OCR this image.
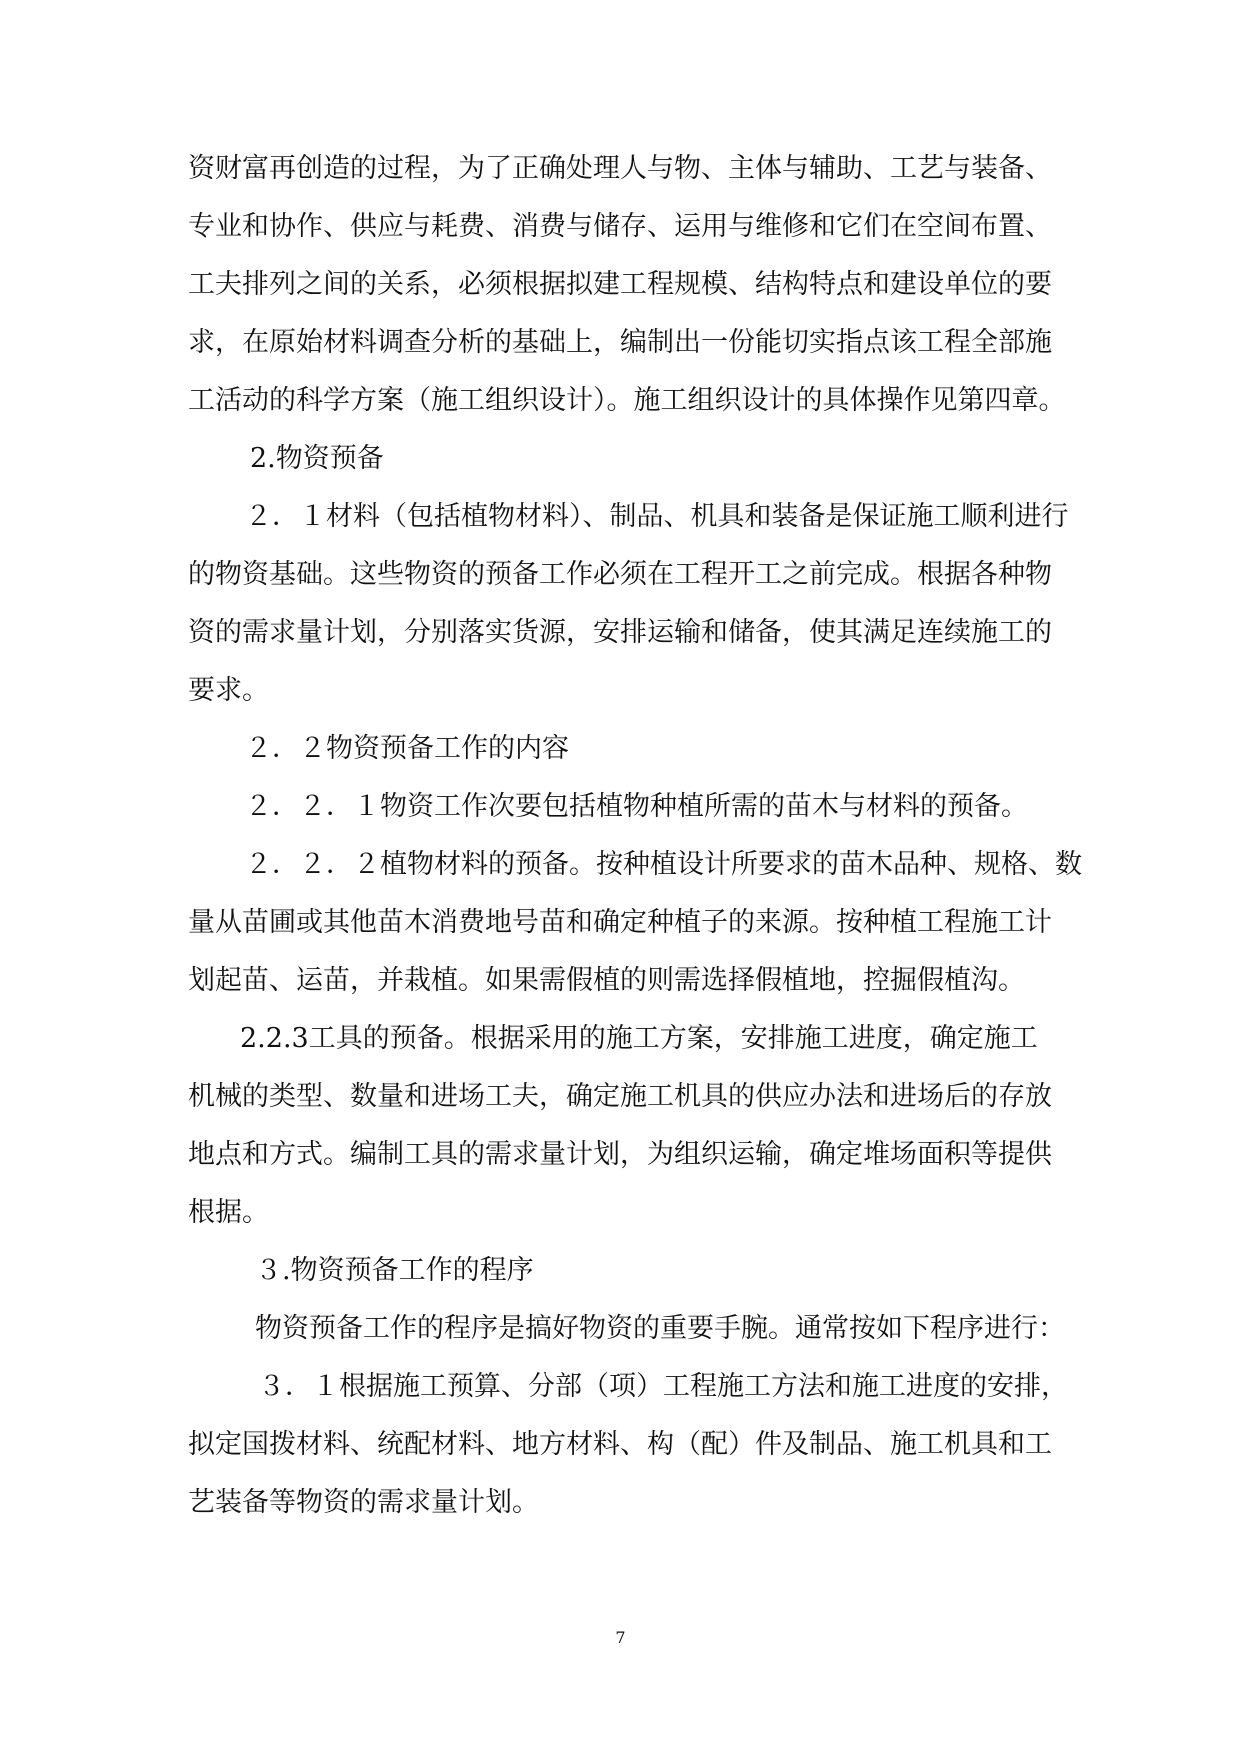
资财富再创造的过程，为了正确处理人与物、主体与辅助、工艺与装备、
专业和协作、供应与耗费、消费与储存、运用与维修和它们在空间布置、
工夫排列之间的关系，必须根据拟建工程规模、结构特点和建设单位的要
求，在原始材料调查分析的基础上，编制出一份能切实指点该工程全部施
工活动的科学方案（施工组织设计）。施工组织设计的具体操作见第四章。
2.物资预备
２．１材料（包括植物材料）、制品、机具和装备是保证施工顺利进行
的物资基础。这些物资的预备工作必须在工程开工之前完成。根据各种物
资的需求量计划，分别落实货源，安排运输和储备，使其满足连续施工的
要求。
２．２物资预备工作的内容
２．２．１物资工作次要包括植物种植所需的苗木与材料的预备。
２．２．２植物材料的预备。按种植设计所要求的苗木品种、规格、数
量从苗圃或其他苗木消费地号苗和确定种植子的来源。按种植工程施工计
划起苗、运苗，并栽植。如果需假植的则需选择假植地，控掘假植沟。
2.2.3工具的预备。根据采用的施工方案，安排施工进度，确定施工
机械的类型、数量和进场工夫，确定施工机具的供应办法和进场后的存放
地点和方式。编制工具的需求量计划，为组织运输，确定堆场面积等提供
根据。
３.物资预备工作的程序
物资预备工作的程序是搞好物资的重要手腕。通常按如下程序进行：
３．１根据施工预算、分部（项）工程施工方法和施工进度的安排，
拟定国拨材料、统配材料、地方材料、构（配）件及制品、施工机具和工
艺装备等物资的需求量计划。
7
